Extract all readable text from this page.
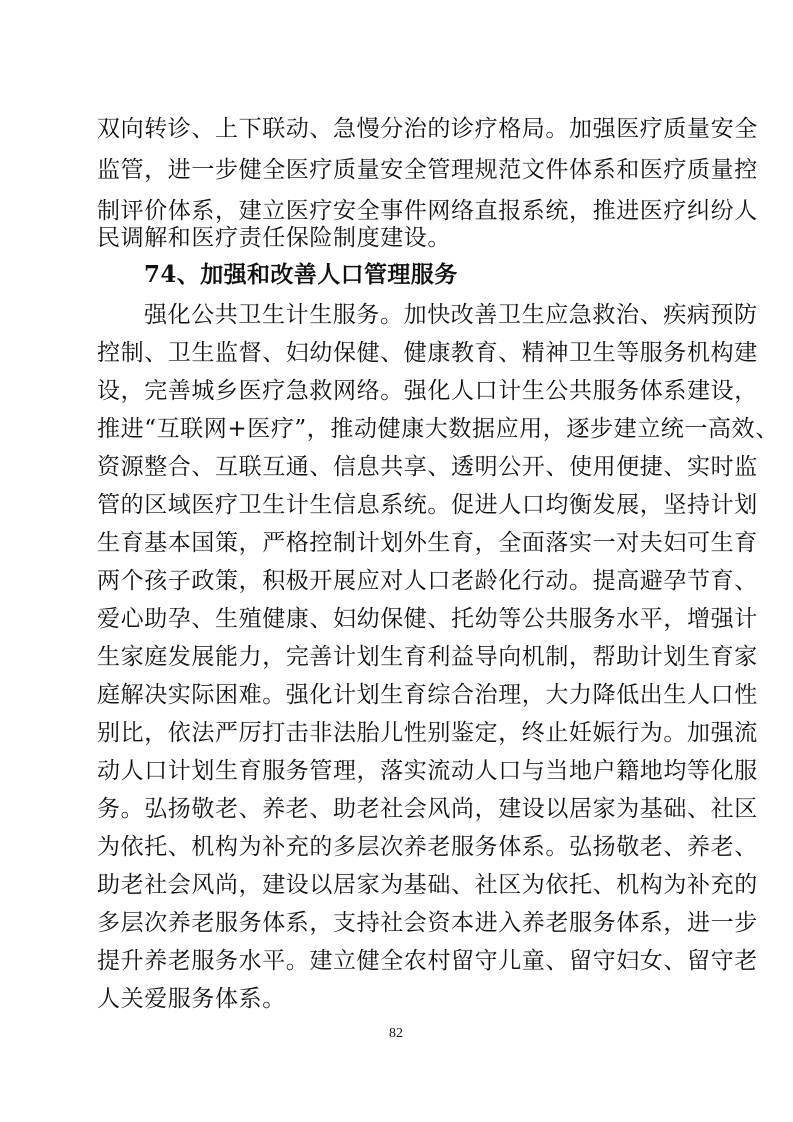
双向转诊、上下联动、急慢分治的诊疗格局。加强医疗质量安全

监管，进一步健全医疗质量安全管理规范文件体系和医疗质量控

制评价体系，建立医疗安全事件网络直报系统，推进医疗纠纷人

民调解和医疗责任保险制度建设。

74、加强和改善人口管理服务

强化公共卫生计生服务。加快改善卫生应急救治、疾病预防

控制、卫生监督、妇幼保健、健康教育、精神卫生等服务机构建

设，完善城乡医疗急救网络。强化人口计生公共服务体系建设，

推进“互联网+医疗”，推动健康大数据应用，逐步建立统一高效、

资源整合、互联互通、信息共享、透明公开、使用便捷、实时监

管的区域医疗卫生计生信息系统。促进人口均衡发展，坚持计划

生育基本国策，严格控制计划外生育，全面落实一对夫妇可生育

两个孩子政策，积极开展应对人口老龄化行动。提高避孕节育、

爱心助孕、生殖健康、妇幼保健、托幼等公共服务水平，增强计

生家庭发展能力，完善计划生育利益导向机制，帮助计划生育家

庭解决实际困难。强化计划生育综合治理，大力降低出生人口性

别比，依法严厉打击非法胎儿性别鉴定，终止妊娠行为。加强流

动人口计划生育服务管理，落实流动人口与当地户籍地均等化服

务。弘扬敬老、养老、助老社会风尚，建设以居家为基础、社区

为依托、机构为补充的多层次养老服务体系。弘扬敬老、养老、

助老社会风尚，建设以居家为基础、社区为依托、机构为补充的

多层次养老服务体系，支持社会资本进入养老服务体系，进一步

提升养老服务水平。建立健全农村留守儿童、留守妇女、留守老

人关爱服务体系。

82
